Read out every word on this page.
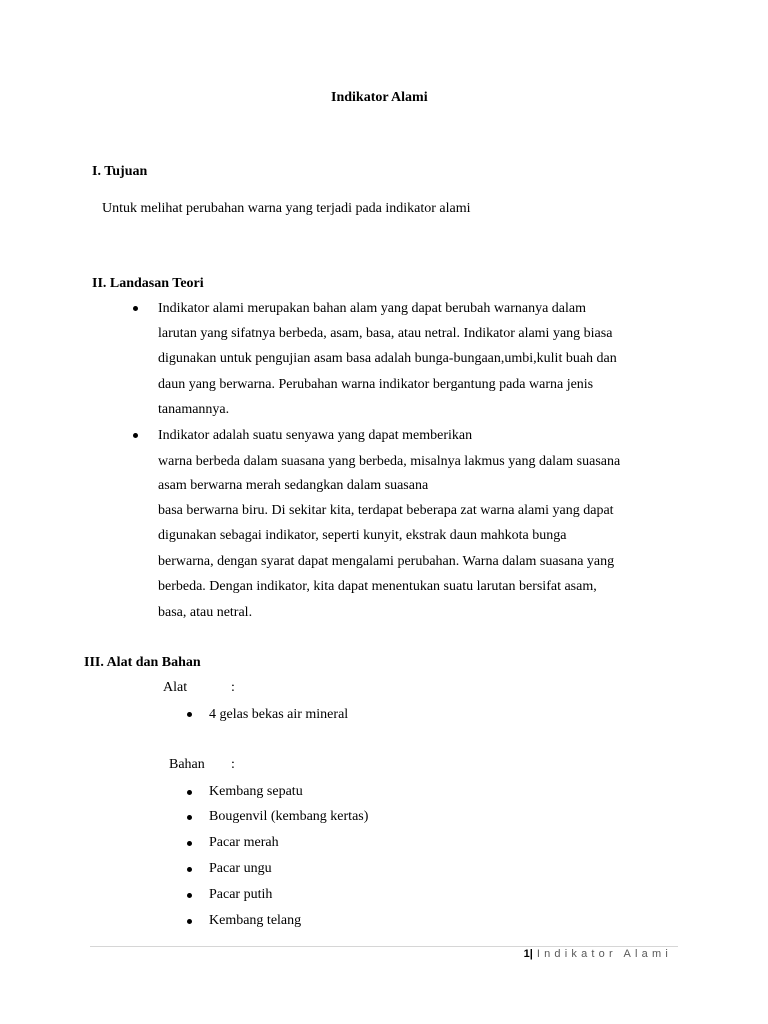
Indikator Alami
I. Tujuan
Untuk melihat perubahan warna yang terjadi pada indikator alami
II. Landasan Teori
Indikator alami merupakan bahan alam yang dapat berubah warnanya dalam
larutan yang sifatnya berbeda, asam, basa, atau netral. Indikator alami yang biasa
digunakan untuk pengujian asam basa adalah bunga-bungaan,umbi,kulit buah dan
daun yang berwarna. Perubahan warna indikator bergantung pada warna jenis
tanamannya.
Indikator adalah suatu senyawa yang dapat memberikan
warna berbeda dalam suasana yang berbeda, misalnya lakmus yang dalam suasana
asam berwarna merah sedangkan dalam suasana
basa berwarna biru. Di sekitar kita, terdapat beberapa zat warna alami yang dapat
digunakan sebagai indikator, seperti kunyit, ekstrak daun mahkota bunga
berwarna, dengan syarat dapat mengalami perubahan. Warna dalam suasana yang
berbeda. Dengan indikator, kita dapat menentukan suatu larutan bersifat asam,
basa, atau netral.
III. Alat dan Bahan
Alat	:
4 gelas bekas air mineral
Bahan :
Kembang sepatu
Bougenvil (kembang kertas)
Pacar merah
Pacar ungu
Pacar putih
Kembang telang
1| Indikator Alami
